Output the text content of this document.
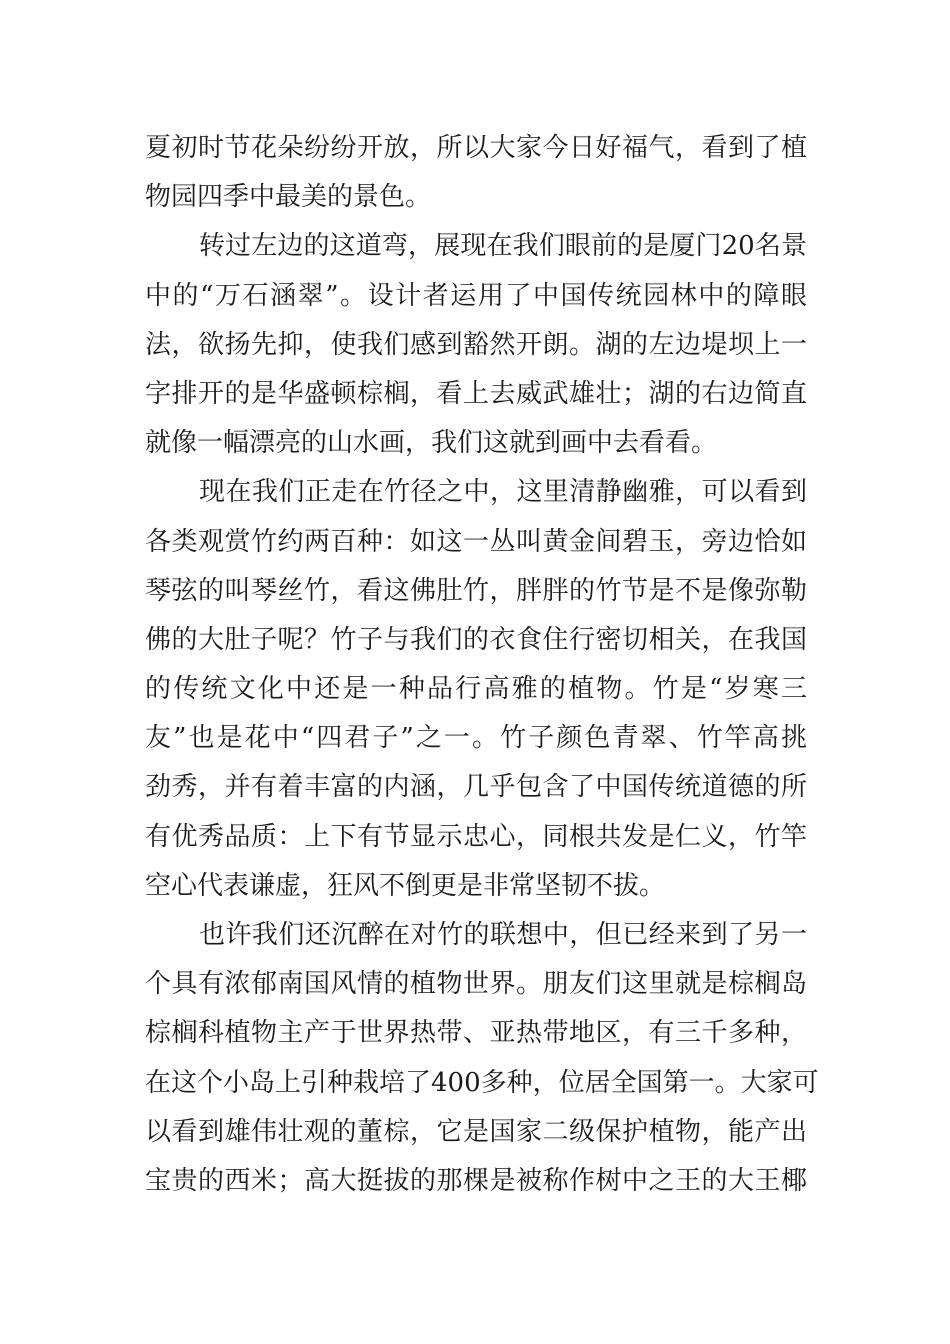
夏初时节花朵纷纷开放，所以大家今日好福气，看到了植
物园四季中最美的景色。
转过左边的这道弯，展现在我们眼前的是厦门20名景
中的“万石涵翠”。设计者运用了中国传统园林中的障眼
法，欲扬先抑，使我们感到豁然开朗。湖的左边堤坝上一
字排开的是华盛顿棕榈，看上去威武雄壮；湖的右边简直
就像一幅漂亮的山水画，我们这就到画中去看看。
现在我们正走在竹径之中，这里清静幽雅，可以看到
各类观赏竹约两百种：如这一丛叫黄金间碧玉，旁边恰如
琴弦的叫琴丝竹，看这佛肚竹，胖胖的竹节是不是像弥勒
佛的大肚子呢？竹子与我们的衣食住行密切相关，在我国
的传统文化中还是一种品行高雅的植物。竹是“岁寒三
友”也是花中“四君子”之一。竹子颜色青翠、竹竿高挑
劲秀，并有着丰富的内涵，几乎包含了中国传统道德的所
有优秀品质：上下有节显示忠心，同根共发是仁义，竹竿
空心代表谦虚，狂风不倒更是非常坚韧不拔。
也许我们还沉醉在对竹的联想中，但已经来到了另一
个具有浓郁南国风情的植物世界。朋友们这里就是棕榈岛
棕榈科植物主产于世界热带、亚热带地区，有三千多种，
在这个小岛上引种栽培了400多种，位居全国第一。大家可
以看到雄伟壮观的董棕，它是国家二级保护植物，能产出
宝贵的西米；高大挺拔的那棵是被称作树中之王的大王椰
